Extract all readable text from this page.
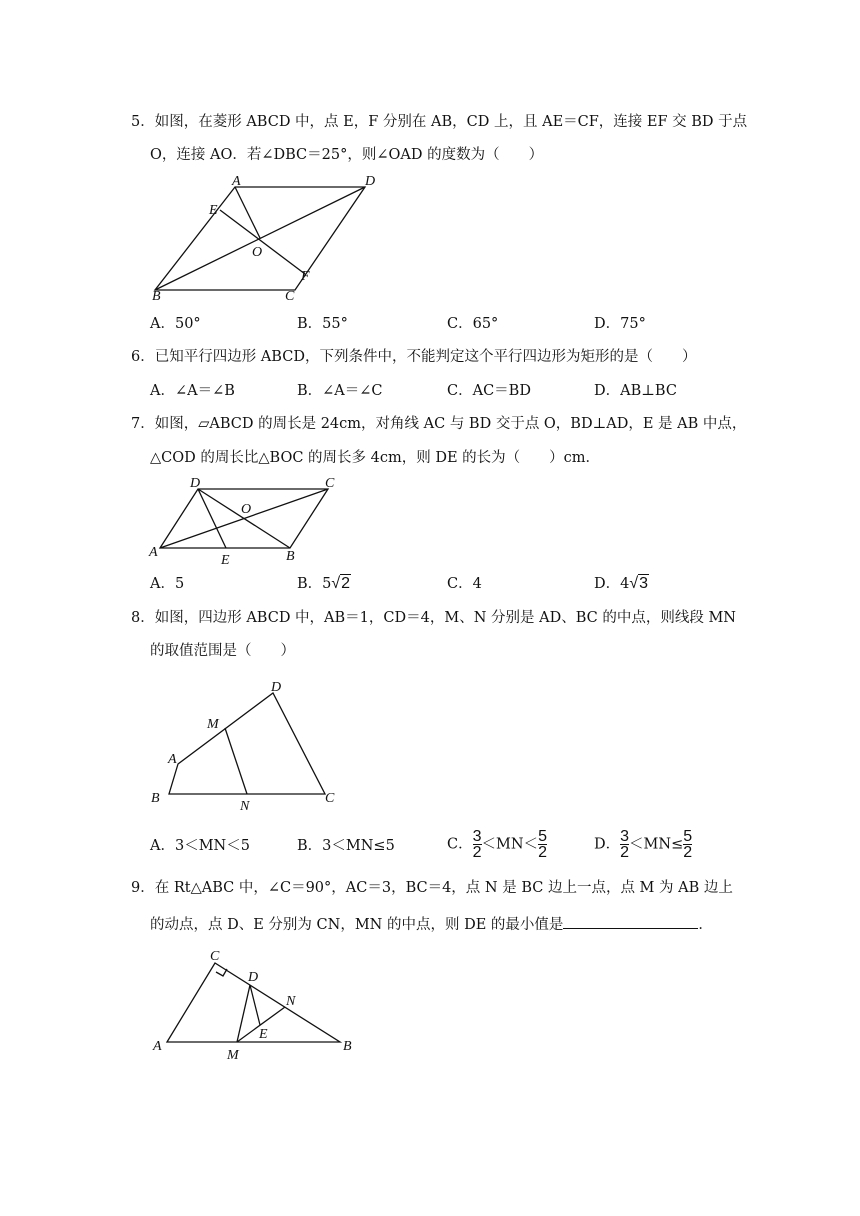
5．如图，在菱形 ABCD 中，点 E，F 分别在 AB，CD 上，且 AE＝CF，连接 EF 交 BD 于点
O，连接 AO．若∠DBC＝25°，则∠OAD 的度数为（　　）
A	D
E
O
F
B	C
A．50°	B．55°	C．65°	D．75°
6．已知平行四边形 ABCD，下列条件中，不能判定这个平行四边形为矩形的是（　　）
A．∠A＝∠B	B．∠A＝∠C	C．AC＝BD	D．AB⊥BC
7．如图，▱ABCD 的周长是 24cm，对角线 AC 与 BD 交于点 O，BD⊥AD，E 是 AB 中点，
△COD 的周长比△BOC 的周长多 4cm，则 DE 的长为（　　）cm．
D	C
O
A
E	B
A．5	B．5√2	C．4	D．4√3
8．如图，四边形 ABCD 中，AB＝1，CD＝4，M、N 分别是 AD、BC 的中点，则线段 MN
的取值范围是（　　）
D
M
A
B
N
C
A．3＜MN＜5	B．3＜MN≤5	C． $\frac{3}{2} <MN< \frac{5}{2}$	D． $\frac{3}{2} <MN\le \frac{5}{2}$
9．在 Rt△ABC 中，∠C＝90°，AC＝3，BC＝4，点 N 是 BC 边上一点，点 M 为 AB 边上
的动点，点 D、E 分别为 CN，MN 的中点，则 DE 的最小值是	．
C
D
N
E
A
M
B
